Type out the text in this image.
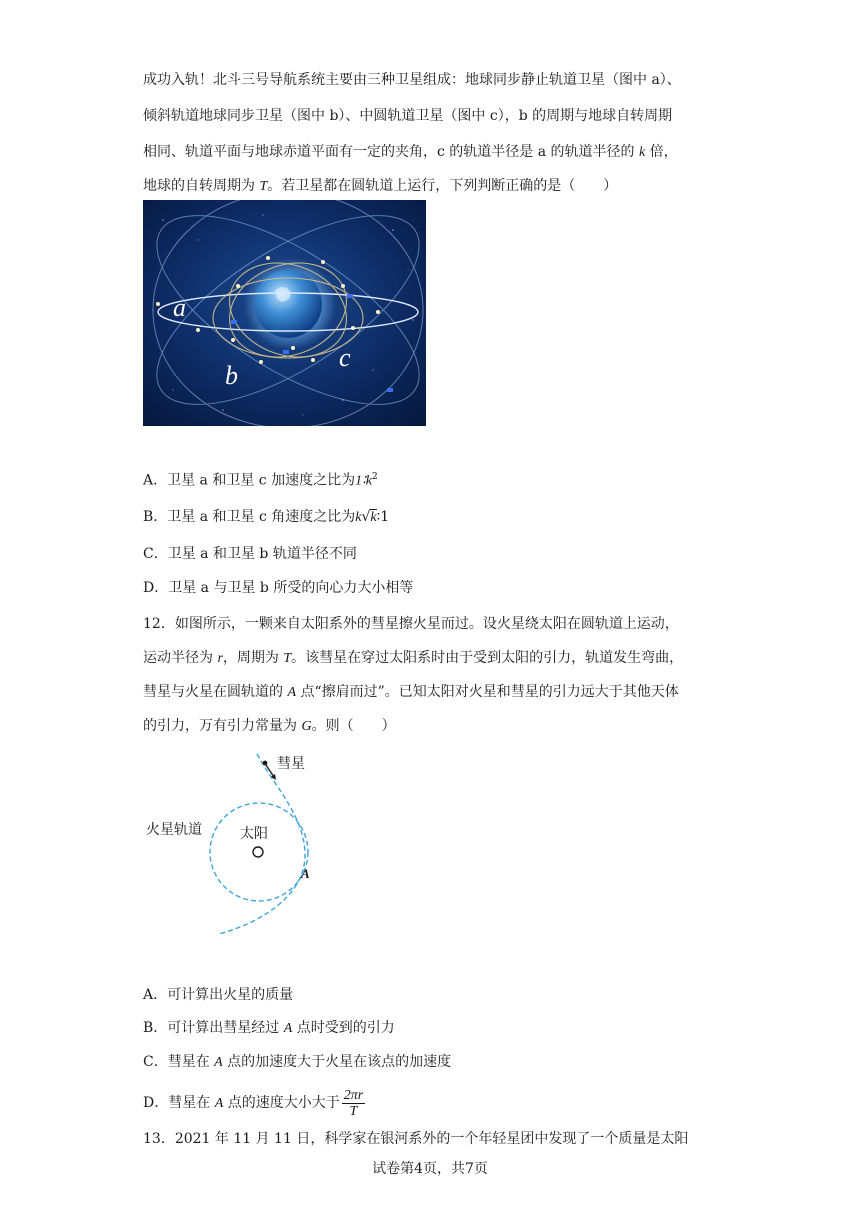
成功入轨！北斗三号导航系统主要由三种卫星组成：地球同步静止轨道卫星（图中 a）、
倾斜轨道地球同步卫星（图中 b）、中圆轨道卫星（图中 c），b 的周期与地球自转周期
相同、轨道平面与地球赤道平面有一定的夹角，c 的轨道半径是 a 的轨道半径的 k 倍，
地球的自转周期为 T。若卫星都在圆轨道上运行，下列判断正确的是（　　）
a
b
c
A．卫星 a 和卫星 c 加速度之比为$1∶k^2$
B．卫星 a 和卫星 c 角速度之比为k√k∶1
C．卫星 a 和卫星 b 轨道半径不同
D．卫星 a 与卫星 b 所受的向心力大小相等
12．如图所示，一颗来自太阳系外的彗星擦火星而过。设火星绕太阳在圆轨道上运动，
运动半径为 r，周期为 T。该彗星在穿过太阳系时由于受到太阳的引力，轨道发生弯曲，
彗星与火星在圆轨道的 A 点“擦肩而过”。已知太阳对火星和彗星的引力远大于其他天体
的引力，万有引力常量为 G。则（　　）
彗星
火星轨道	太阳
A
A．可计算出火星的质量
B．可计算出彗星经过 A 点时受到的引力
C．彗星在 A 点的加速度大于火星在该点的加速度
D．彗星在 A 点的速度大小大于 $\frac{2\pi r}{T}$
13．2021 年 11 月 11 日，科学家在银河系外的一个年轻星团中发现了一个质量是太阳
试卷第4页，共7页
